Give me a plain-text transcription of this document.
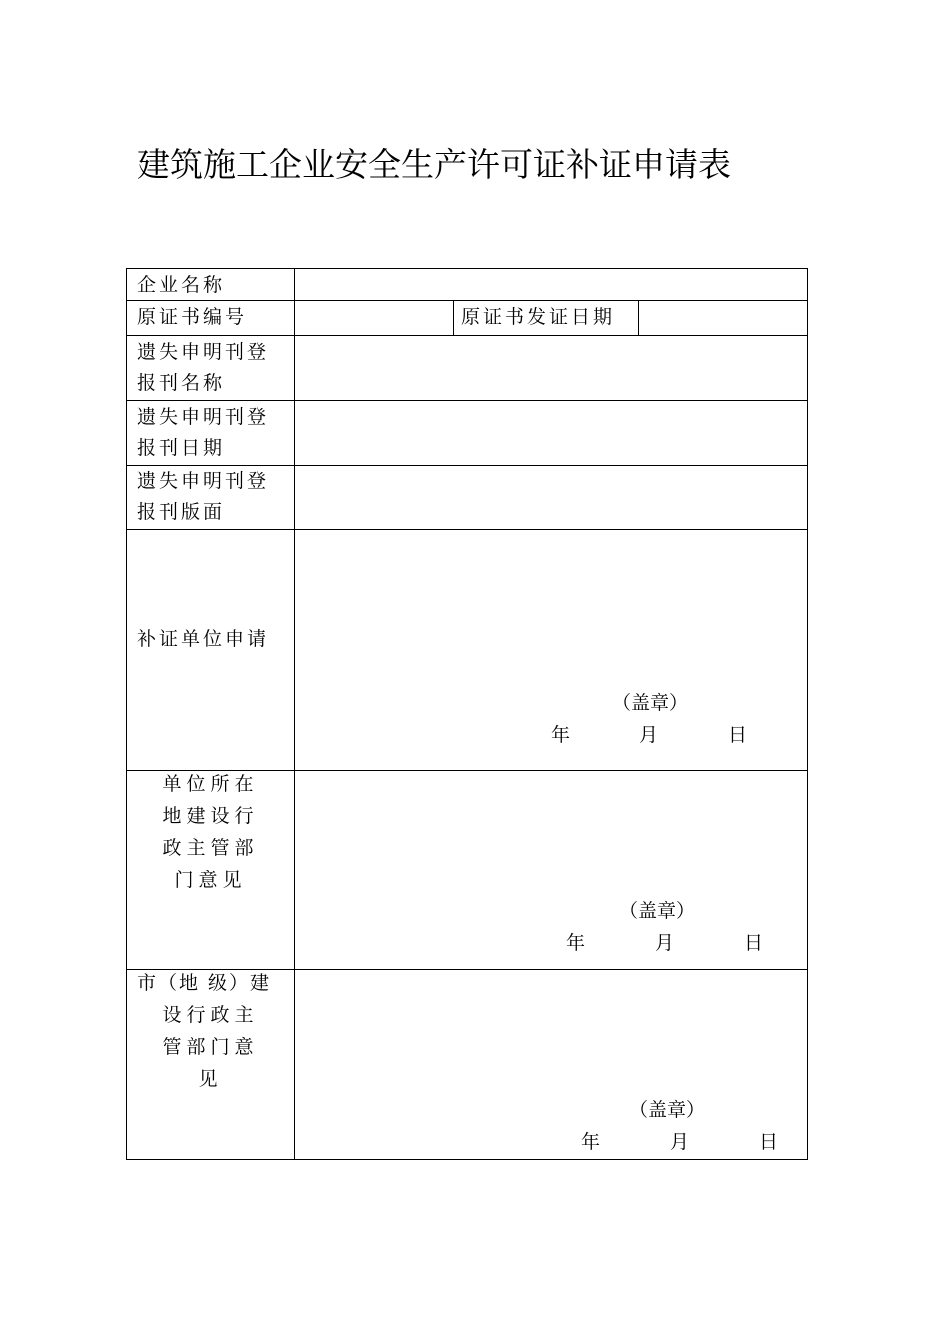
建筑施工企业安全生产许可证补证申请表
企业名称
原证书编号	原证书发证日期
遗失申明刊登
报刊名称
遗失申明刊登
报刊日期
遗失申明刊登
报刊版面
补证单位申请
（盖章）
年	月	日
单位所在
地建设行
政主管部
门意见
（盖章）
年	月	日
市（地 级）建
设行政主
管部门意
见
（盖章）
年	月	日
